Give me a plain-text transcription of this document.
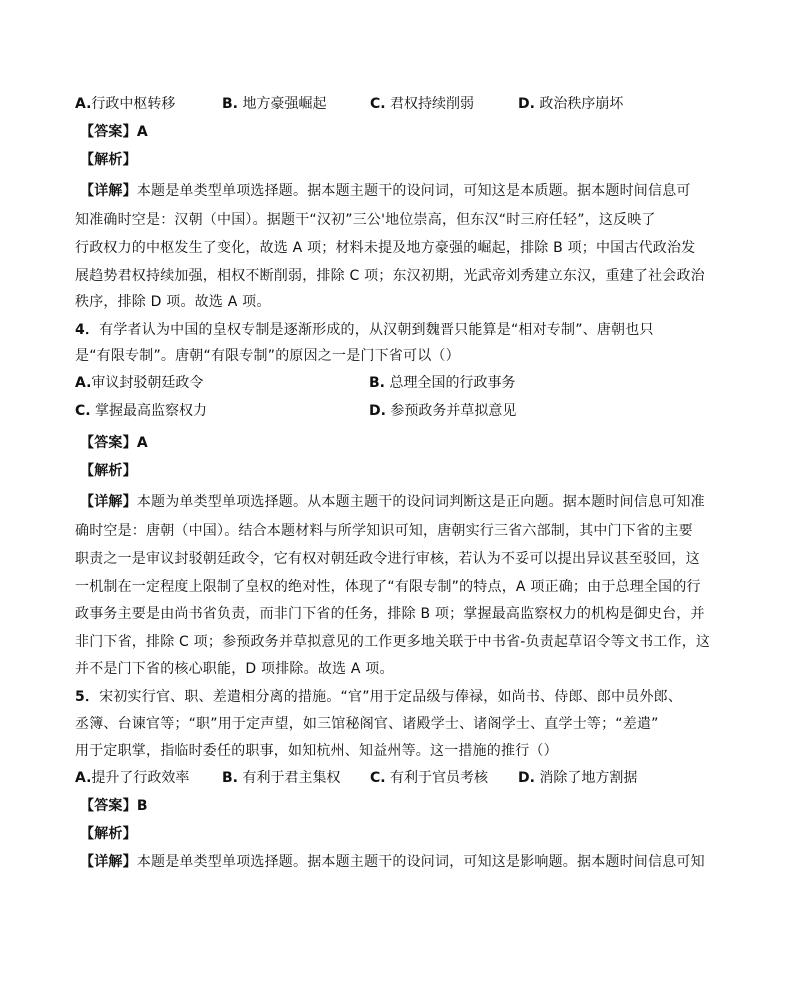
A.行政中枢转移	B. 地方豪强崛起	C. 君权持续削弱	D. 政治秩序崩坏
【答案】A
【解析】
【详解】本题是单类型单项选择题。据本题主题干的设问词，可知这是本质题。据本题时间信息可
知准确时空是：汉朝（中国）。据题干“汉初”三公'地位崇高，但东汉“时三府任轻”，这反映了
行政权力的中枢发生了变化，故选 A 项；材料未提及地方豪强的崛起，排除 B 项；中国古代政治发
展趋势君权持续加强，相权不断削弱，排除 C 项；东汉初期，光武帝刘秀建立东汉，重建了社会政治
秩序，排除 D 项。故选 A 项。
4．有学者认为中国的皇权专制是逐渐形成的，从汉朝到魏晋只能算是“相对专制”、唐朝也只
是“有限专制”。唐朝“有限专制”的原因之一是门下省可以（）
A.审议封驳朝廷政令	B. 总理全国的行政事务
C. 掌握最高监察权力	D. 参预政务并草拟意见
【答案】A
【解析】
【详解】本题为单类型单项选择题。从本题主题干的设问词判断这是正向题。据本题时间信息可知准
确时空是：唐朝（中国）。结合本题材料与所学知识可知，唐朝实行三省六部制，其中门下省的主要
职责之一是审议封驳朝廷政令，它有权对朝廷政令进行审核，若认为不妥可以提出异议甚至驳回，这
一机制在一定程度上限制了皇权的绝对性，体现了“有限专制”的特点，A 项正确；由于总理全国的行
政事务主要是由尚书省负责，而非门下省的任务，排除 B 项；掌握最高监察权力的机构是御史台，并
非门下省，排除 C 项；参预政务并草拟意见的工作更多地关联于中书省-负责起草诏令等文书工作，这
并不是门下省的核心职能，D 项排除。故选 A 项。
5．宋初实行官、职、差遣相分离的措施。“官”用于定品级与俸禄，如尚书、侍郎、郎中员外郎、
丞簿、台谏官等；“职”用于定声望，如三馆秘阁官、诸殿学士、诸阁学士、直学士等；“差遣”
用于定职掌，指临时委任的职事，如知杭州、知益州等。这一措施的推行（）
A.提升了行政效率 B. 有利于君主集权 C. 有利于官员考核 D. 消除了地方割据
【答案】B
【解析】
【详解】本题是单类型单项选择题。据本题主题干的设问词，可知这是影响题。据本题时间信息可知
